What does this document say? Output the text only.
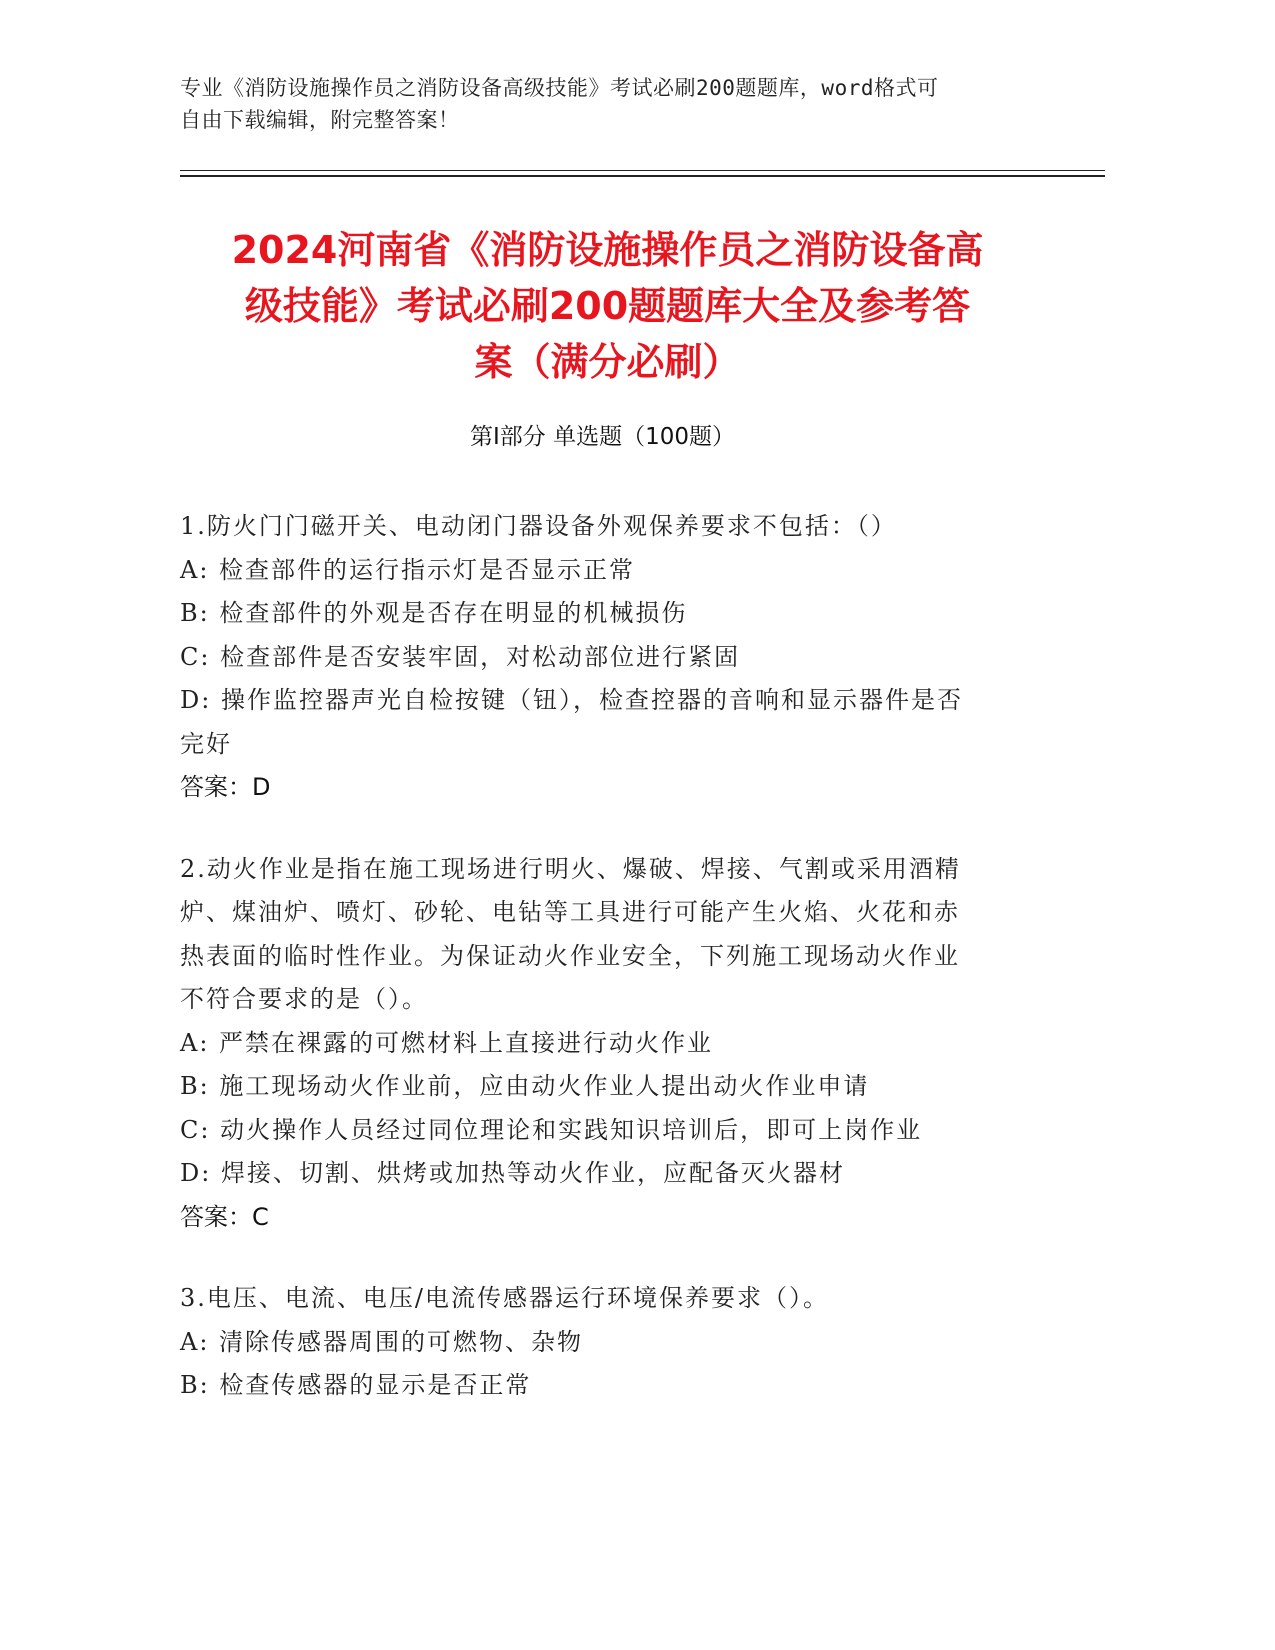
专业《消防设施操作员之消防设备高级技能》考试必刷200题题库，word格式可
自由下载编辑，附完整答案！
2024河南省《消防设施操作员之消防设备高
级技能》考试必刷200题题库大全及参考答
案（满分必刷）
第Ⅰ部分 单选题（100题）
1.防火门门磁开关、电动闭门器设备外观保养要求不包括：（）
A: 检查部件的运行指示灯是否显示正常
B: 检查部件的外观是否存在明显的机械损伤
C: 检查部件是否安装牢固，对松动部位进行紧固
D: 操作监控器声光自检按键（钮），检查控器的音响和显示器件是否
完好
答案：D
2.动火作业是指在施工现场进行明火、爆破、焊接、气割或采用酒精
炉、煤油炉、喷灯、砂轮、电钻等工具进行可能产生火焰、火花和赤
热表面的临时性作业。为保证动火作业安全，下列施工现场动火作业
不符合要求的是（）。
A: 严禁在裸露的可燃材料上直接进行动火作业
B: 施工现场动火作业前，应由动火作业人提出动火作业申请
C: 动火操作人员经过同位理论和实践知识培训后，即可上岗作业
D: 焊接、切割、烘烤或加热等动火作业，应配备灭火器材
答案：C
3.电压、电流、电压/电流传感器运行环境保养要求（）。
A: 清除传感器周围的可燃物、杂物
B: 检查传感器的显示是否正常
